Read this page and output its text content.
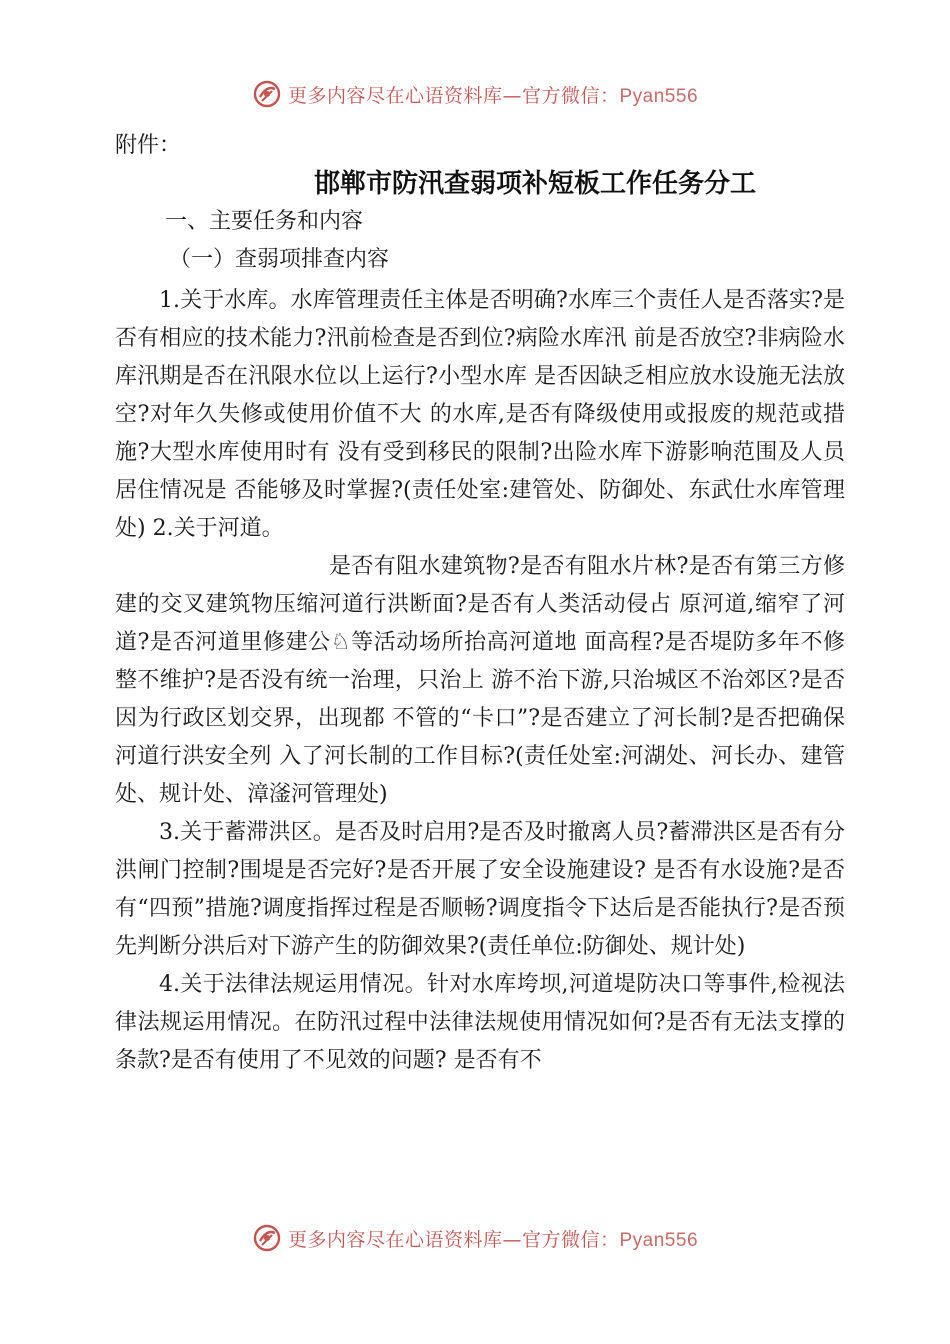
更多内容尽在心语资料库—官方微信：Pyan556
附件：
邯郸市防汛查弱项补短板工作任务分工
一、主要任务和内容
（一）查弱项排查内容

1.关于水库。水库管理责任主体是否明确?水库三个责任人是否落实?是否有相应的技术能力?汛前检查是否到位?病险水库汛 前是否放空?非病险水库汛期是否在汛限水位以上运行?小型水库 是否因缺乏相应放水设施无法放空?对年久失修或使用价值不大 的水库,是否有降级使用或报废的规范或措施?大型水库使用时有 没有受到移民的限制?出险水库下游影响范围及人员居住情况是 否能够及时掌握?(责任处室:建管处、防御处、东武仕水库管理处) 2.关于河道。

是否有阻水建筑物?是否有阻水片林?是否有第三方修建的交叉建筑物压缩河道行洪断面?是否有人类活动侵占 原河道,缩窄了河道?是否河道里修建公♘等活动场所抬高河道地 面高程?是否堤防多年不修整不维护?是否没有统一治理，只治上 游不治下游,只治城区不治郊区?是否因为行政区划交界，出现都 不管的“卡口”?是否建立了河长制?是否把确保河道行洪安全列 入了河长制的工作目标?(责任处室:河湖处、河长办、建管处、规计处、漳滏河管理处)

3.关于蓄滞洪区。是否及时启用?是否及时撤离人员?蓄滞洪区是否有分洪闸门控制?围堤是否完好?是否开展了安全设施建设? 是否有水设施?是否有“四预”措施?调度指挥过程是否顺畅?调度指令下达后是否能执行?是否预先判断分洪后对下游产生的防御效果?(责任单位:防御处、规计处)

4.关于法律法规运用情况。针对水库垮坝,河道堤防决口等事件,检视法律法规运用情况。在防汛过程中法律法规使用情况如何?是否有无法支撑的条款?是否有使用了不见效的问题? 是否有不

更多内容尽在心语资料库—官方微信：Pyan556
